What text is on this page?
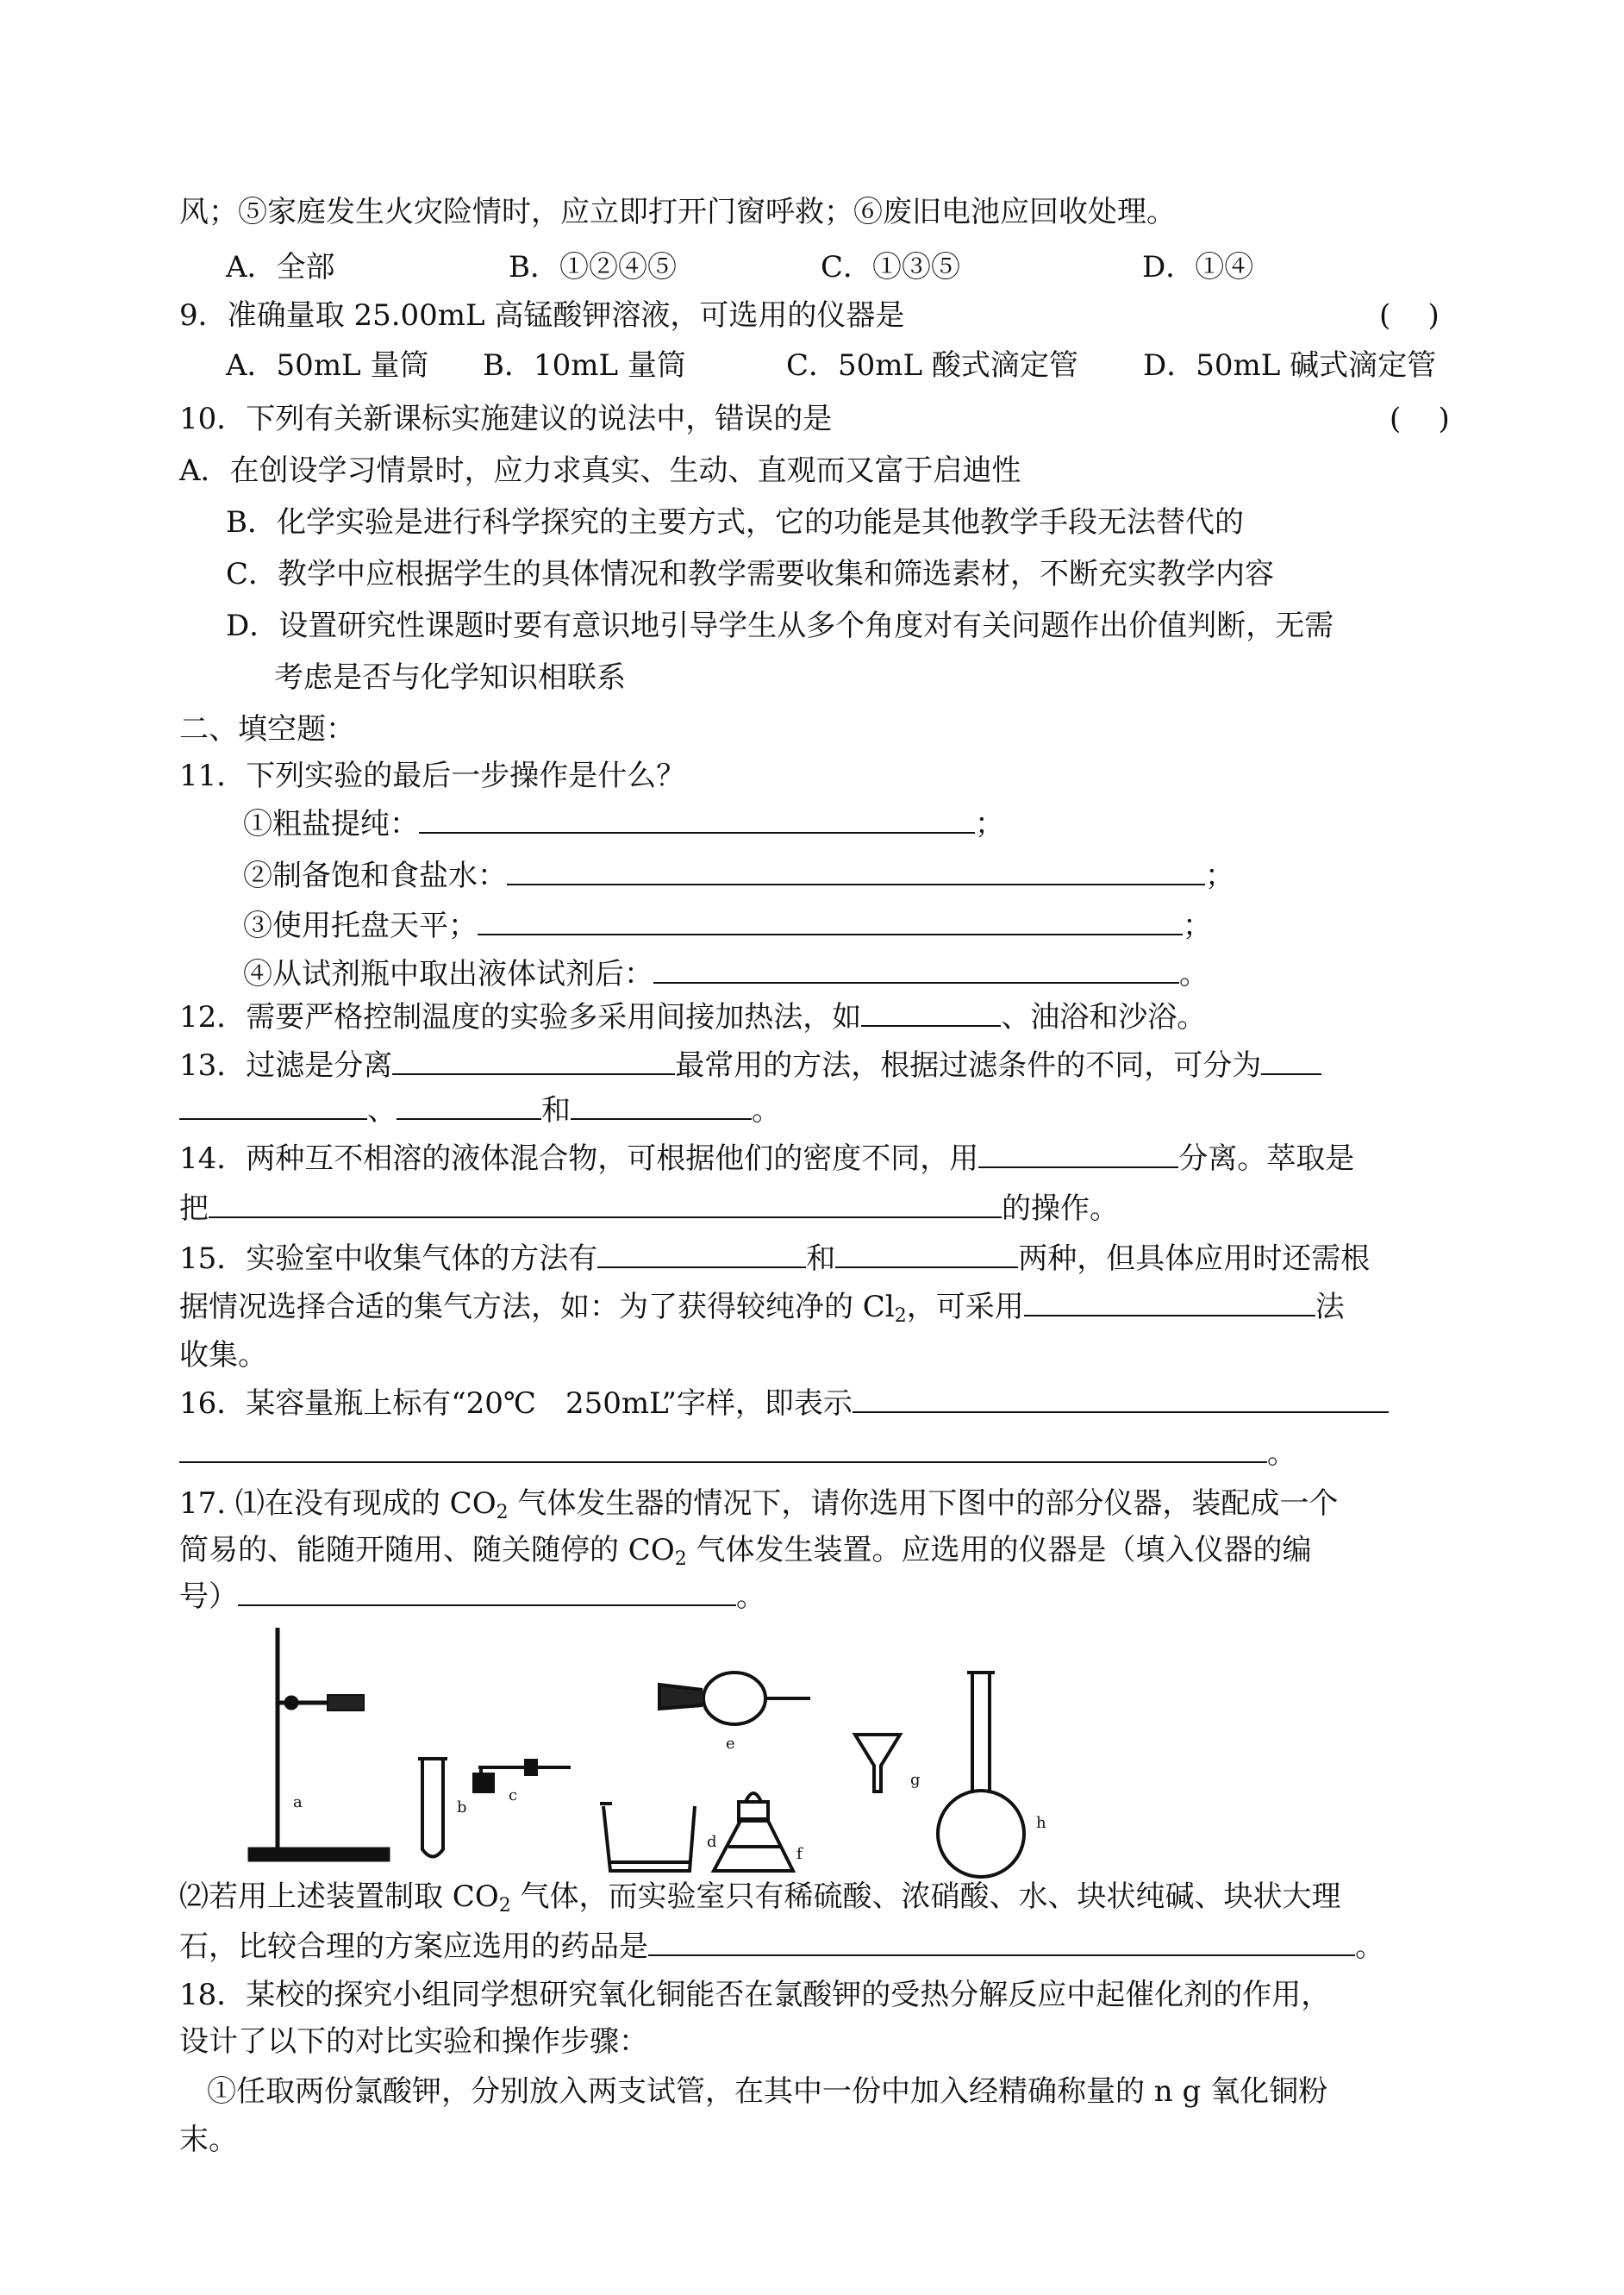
风；⑤家庭发生火灾险情时，应立即打开门窗呼救；⑥废旧电池应回收处理。
A．全部	B．①②④⑤	C．①③⑤	D．①④
9．准确量取 25.00mL 高锰酸钾溶液，可选用的仪器是	(    )
A．50mL 量筒 B．10mL 量筒	C．50mL 酸式滴定管 D．50mL 碱式滴定管
10．下列有关新课标实施建议的说法中，错误的是	(    )
A．在创设学习情景时，应力求真实、生动、直观而又富于启迪性
B．化学实验是进行科学探究的主要方式，它的功能是其他教学手段无法替代的
C．教学中应根据学生的具体情况和教学需要收集和筛选素材，不断充实教学内容
D．设置研究性课题时要有意识地引导学生从多个角度对有关问题作出价值判断，无需
考虑是否与化学知识相联系
二、填空题：
11．下列实验的最后一步操作是什么？
①粗盐提纯：	；
②制备饱和食盐水：	；
③使用托盘天平；	；
④从试剂瓶中取出液体试剂后：	。
12．需要严格控制温度的实验多采用间接加热法，如	、油浴和沙浴。
13．过滤是分离	最常用的方法，根据过滤条件的不同，可分为
、	和	。
14．两种互不相溶的液体混合物，可根据他们的密度不同，用	分离。萃取是
把	的操作。
15．实验室中收集气体的方法有	和	两种，但具体应用时还需根
据情况选择合适的集气方法，如：为了获得较纯净的 $Cl_2$，可采用	法
收集。
16．某容量瓶上标有“20℃　250mL”字样，即表示
。
17. ⑴在没有现成的 $CO_2$ 气体发生器的情况下，请你选用下图中的部分仪器，装配成一个
简易的、能随开随用、随关随停的 $CO_2$ 气体发生装置。应选用的仪器是（填入仪器的编
号）	。
a	b
c
d
e
f
g
h
⑵若用上述装置制取 $CO_2$ 气体，而实验室只有稀硫酸、浓硝酸、水、块状纯碱、块状大理
石，比较合理的方案应选用的药品是	。
18．某校的探究小组同学想研究氧化铜能否在氯酸钾的受热分解反应中起催化剂的作用，
设计了以下的对比实验和操作步骤：
①任取两份氯酸钾，分别放入两支试管，在其中一份中加入经精确称量的 n g 氧化铜粉
末。
